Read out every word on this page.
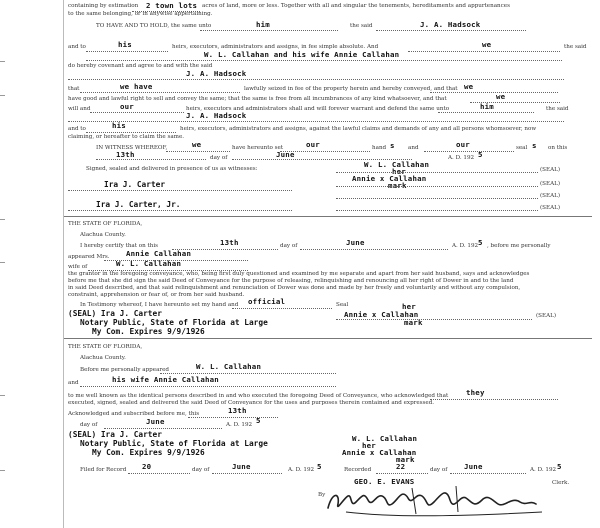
containing by estimation 2 town lots acres of land, more or less. Together with all and singular the tenements, hereditaments and appurtenances
to the same belonging, or in anywise appertaining.
TO HAVE AND TO HOLD, the same unto	him	the said	J. A. Hadsock
and to	his	heirs, executors, administrators and assigns, in fee simple absolute. And	we	the said
W. L. Callahan and his wife Annie Callahan
do hereby covenant and agree to and with the said
J. A. Hadsock
that	we have	lawfully seized in fee of the property herein and hereby conveyed, and that we
have good and lawful right to sell and convey the same; that the same is free from all incumbrances of any kind whatsoever, and that	we
will and	our	heirs, executors and administrators shall and will forever warrant and defend the same unto	him	the said
J. A. Hadsock
and to	his	heirs, executors, administrators and assigns, against the lawful claims and demands of any and all persons whomsoever, now
claiming, or hereafter to claim the same.
IN WITNESS WHEREOF,	we	have hereunto set	our	hand s and	our	seal s on this
13th	day of	June	A. D. 192 5
Signed, sealed and delivered in presence of us as witnesses:
Ira J. Carter
Ira J. Carter, Jr.
W. L. Callahan
her
Annie x Callahan
mark
(SEAL)
(SEAL)
(SEAL)
(SEAL)
THE STATE OF FLORIDA,
Alachua County.
I hereby certify that on this	13th	day of	June	A. D. 192 5 , before me personally
appeared Mrs. Annie Callahan
wife of	W. L. Callahan
the grantor in the foregoing conveyance, who, being first duly questioned and examined by me separate and apart from her said husband, says and acknowledges
before me that she did sign the said Deed of Conveyance for the purpose of releasing, relinquishing and renouncing all her right of Dower in and to the land
in said Deed described, and that said relinquishment and renunciation of Dower was done and made by her freely and voluntarily and without any compulsion,
constraint, apprehension or fear of, or from her said husband.
In Testimony whereof, I have hereunto set my hand and official	Seal
(SEAL) Ira J. Carter
Notary Public, State of Florida at Large
My Com. Expires 9/9/1926
her
Annie x Callahan
mark
(SEAL)
THE STATE OF FLORIDA,
Alachua County.
Before me personally appeared	W. L. Callahan
and	his wife Annie Callahan
to me well known as the identical persons described in and who executed the foregoing Deed of Conveyance, who acknowledged that they
executed, signed, sealed and delivered the said Deed of Conveyance for the uses and purposes therein contained and expressed.
Acknowledged and subscribed before me, this	13th
day of	June	A. D. 192 5
(SEAL) Ira J. Carter
Notary Public, State of Florida at Large
My Com. Expires 9/9/1926
W. L. Callahan
her
Annie x Callahan
mark
Filed for Record 20	day of	June	A. D. 192 5	Recorded	22	day of June	A. D. 192 5
GEO. E. EVANS	Clerk.
By
